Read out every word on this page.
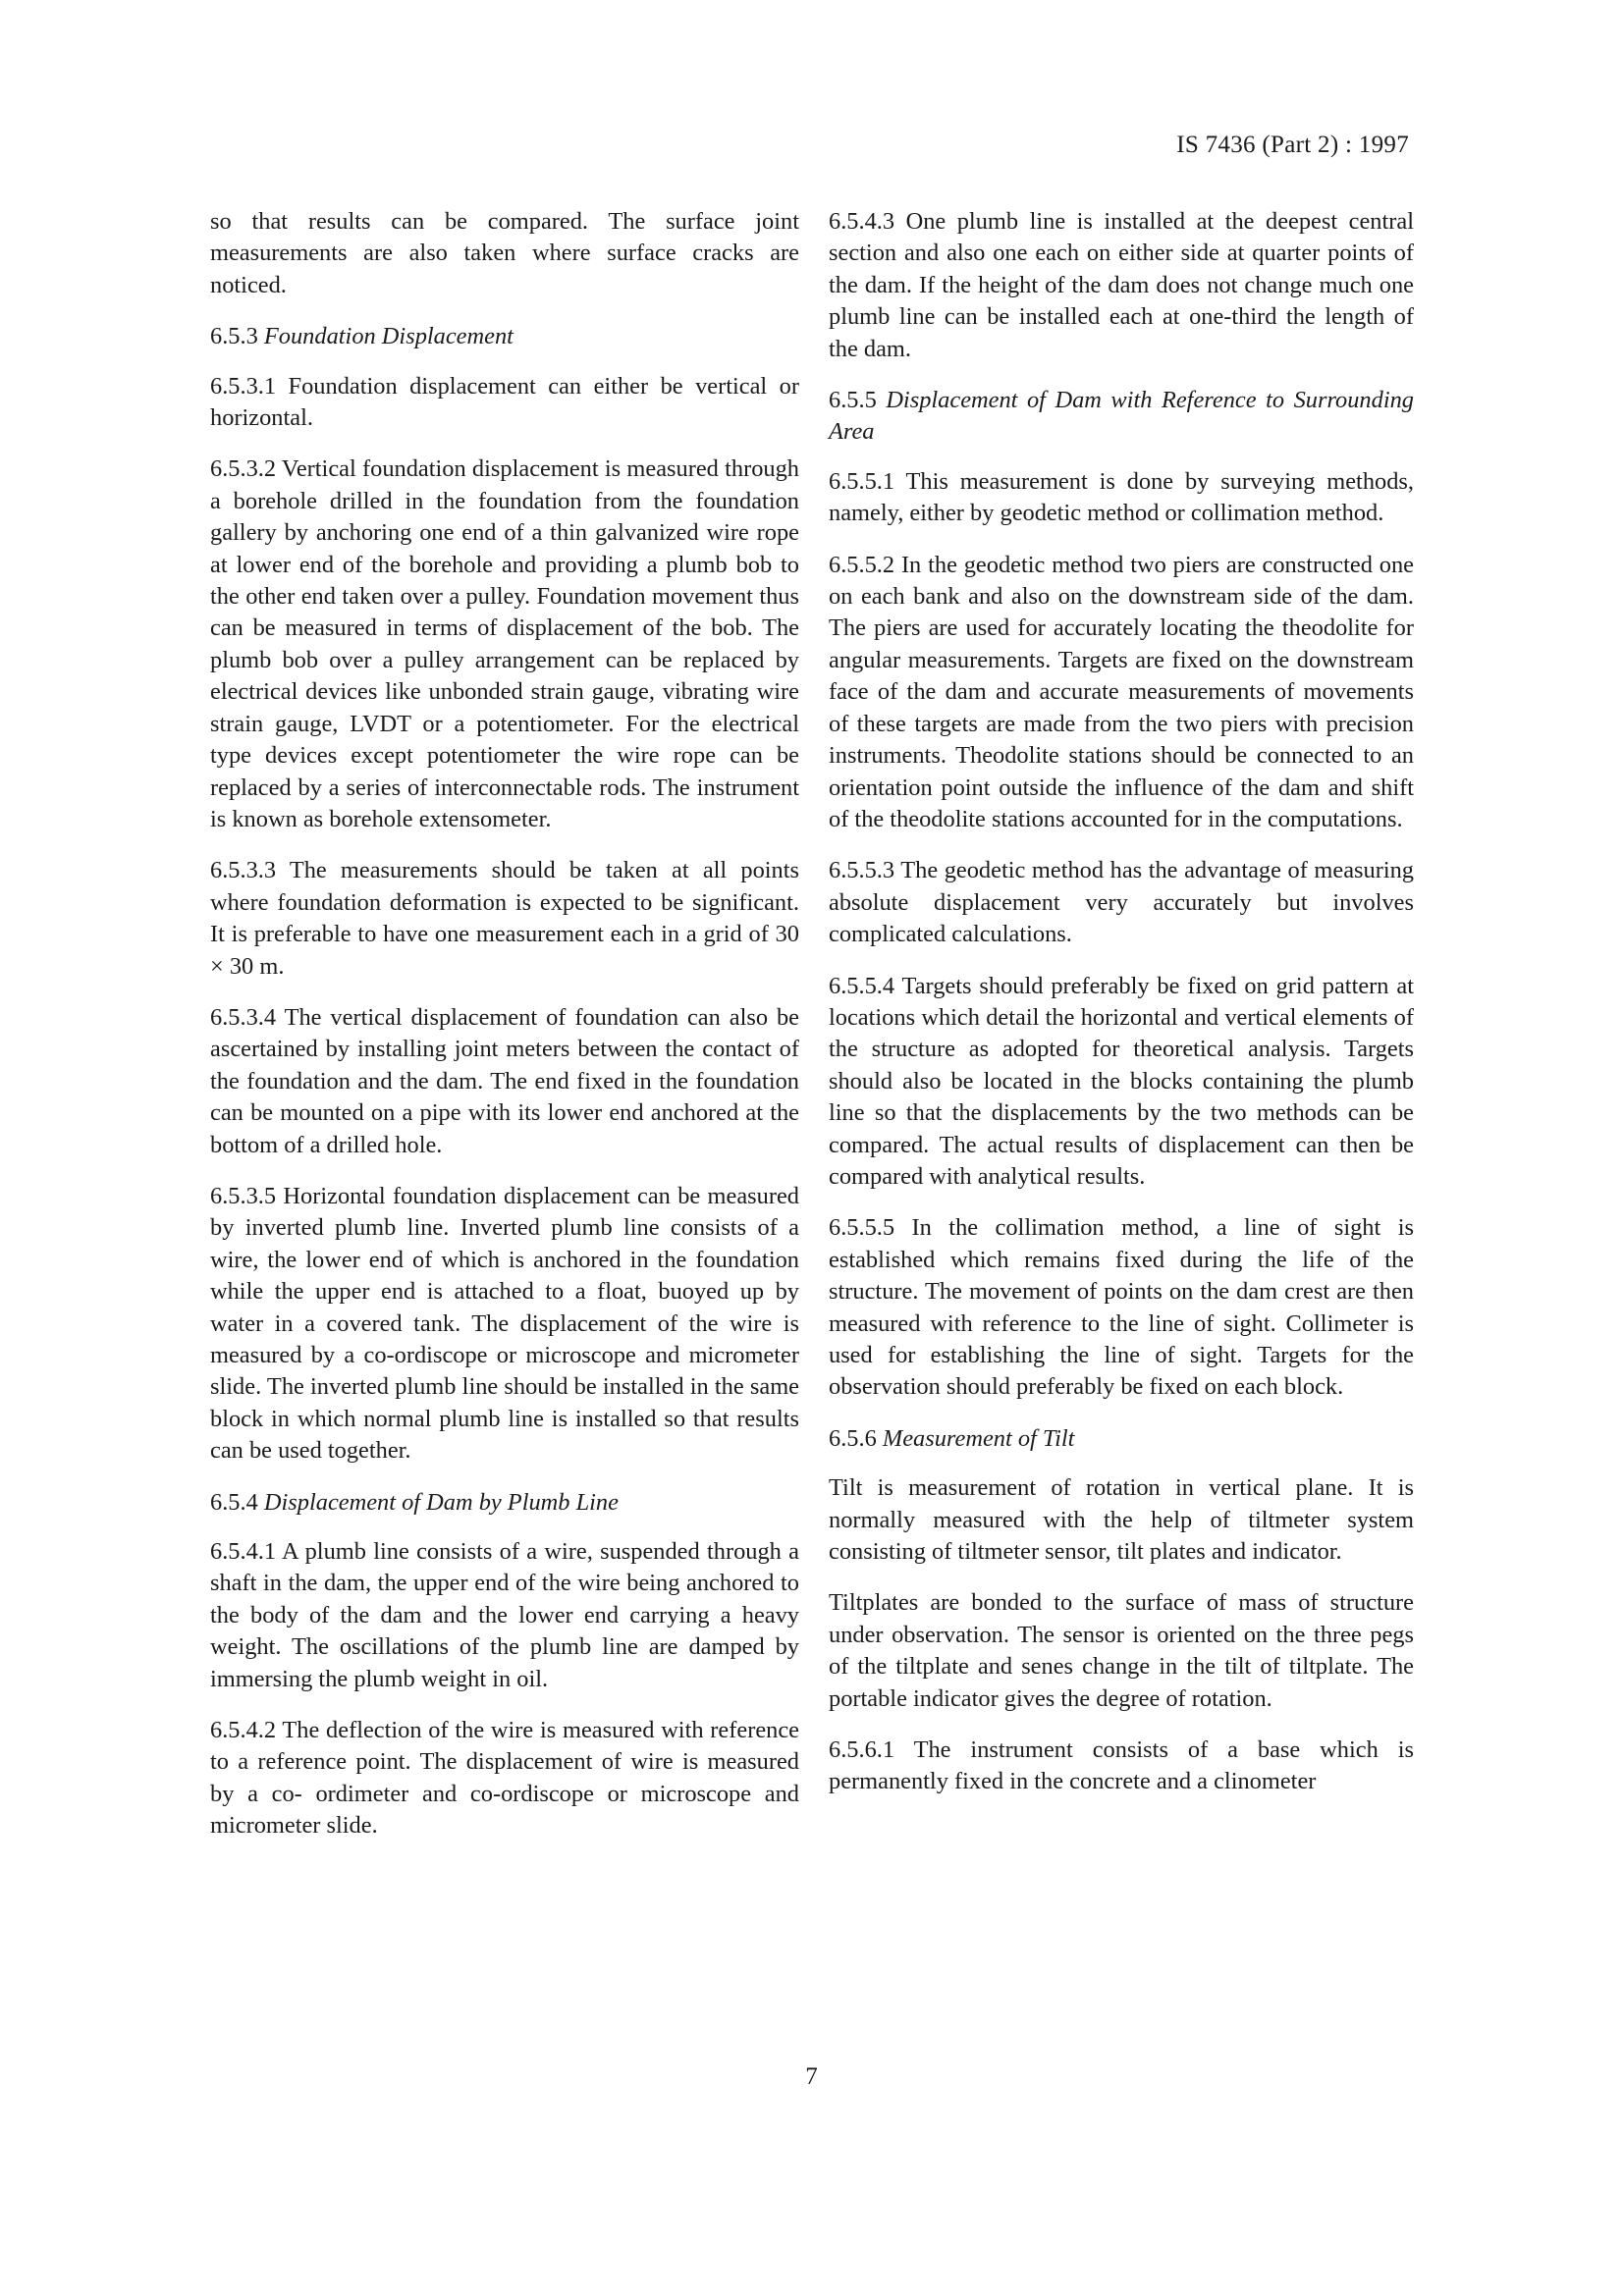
IS 7436 (Part 2) : 1997

so that results can be compared. The surface joint measurements are also taken where surface cracks are noticed.

6.5.3 Foundation Displacement

6.5.3.1 Foundation displacement can either be vertical or horizontal.

6.5.3.2 Vertical foundation displacement is measured through a borehole drilled in the foundation from the foundation gallery by anchoring one end of a thin galvanized wire rope at lower end of the borehole and providing a plumb bob to the other end taken over a pulley. Foundation movement thus can be measured in terms of displacement of the bob. The plumb bob over a pulley arrangement can be replaced by electrical devices like unbonded strain gauge, vibrating wire strain gauge, LVDT or a potentiometer. For the electrical type devices except potentiometer the wire rope can be replaced by a series of interconnectable rods. The instrument is known as borehole extensometer.

6.5.3.3 The measurements should be taken at all points where foundation deformation is expected to be significant. It is preferable to have one measurement each in a grid of 30 × 30 m.

6.5.3.4 The vertical displacement of foundation can also be ascertained by installing joint meters between the contact of the foundation and the dam. The end fixed in the foundation can be mounted on a pipe with its lower end anchored at the bottom of a drilled hole.

6.5.3.5 Horizontal foundation displacement can be measured by inverted plumb line. Inverted plumb line consists of a wire, the lower end of which is anchored in the foundation while the upper end is attached to a float, buoyed up by water in a covered tank. The displacement of the wire is measured by a co-ordiscope or microscope and micrometer slide. The inverted plumb line should be installed in the same block in which normal plumb line is installed so that results can be used together.

6.5.4 Displacement of Dam by Plumb Line

6.5.4.1 A plumb line consists of a wire, suspended through a shaft in the dam, the upper end of the wire being anchored to the body of the dam and the lower end carrying a heavy weight. The oscillations of the plumb line are damped by immersing the plumb weight in oil.

6.5.4.2 The deflection of the wire is measured with reference to a reference point. The displacement of wire is measured by a co- ordimeter and co-ordiscope or microscope and micrometer slide.

6.5.4.3 One plumb line is installed at the deepest central section and also one each on either side at quarter points of the dam. If the height of the dam does not change much one plumb line can be installed each at one-third the length of the dam.

6.5.5 Displacement of Dam with Reference to Surrounding Area

6.5.5.1 This measurement is done by surveying methods, namely, either by geodetic method or collimation method.

6.5.5.2 In the geodetic method two piers are constructed one on each bank and also on the downstream side of the dam. The piers are used for accurately locating the theodolite for angular measurements. Targets are fixed on the downstream face of the dam and accurate measurements of movements of these targets are made from the two piers with precision instruments. Theodolite stations should be connected to an orientation point outside the influence of the dam and shift of the theodolite stations accounted for in the computations.

6.5.5.3 The geodetic method has the advantage of measuring absolute displacement very accurately but involves complicated calculations.

6.5.5.4 Targets should preferably be fixed on grid pattern at locations which detail the horizontal and vertical elements of the structure as adopted for theoretical analysis. Targets should also be located in the blocks containing the plumb line so that the displacements by the two methods can be compared. The actual results of displacement can then be compared with analytical results.

6.5.5.5 In the collimation method, a line of sight is established which remains fixed during the life of the structure. The movement of points on the dam crest are then measured with reference to the line of sight. Collimeter is used for establishing the line of sight. Targets for the observation should preferably be fixed on each block.

6.5.6 Measurement of Tilt

Tilt is measurement of rotation in vertical plane. It is normally measured with the help of tiltmeter system consisting of tiltmeter sensor, tilt plates and indicator.

Tiltplates are bonded to the surface of mass of structure under observation. The sensor is oriented on the three pegs of the tiltplate and senes change in the tilt of tiltplate. The portable indicator gives the degree of rotation.

6.5.6.1 The instrument consists of a base which is permanently fixed in the concrete and a clinometer

7
